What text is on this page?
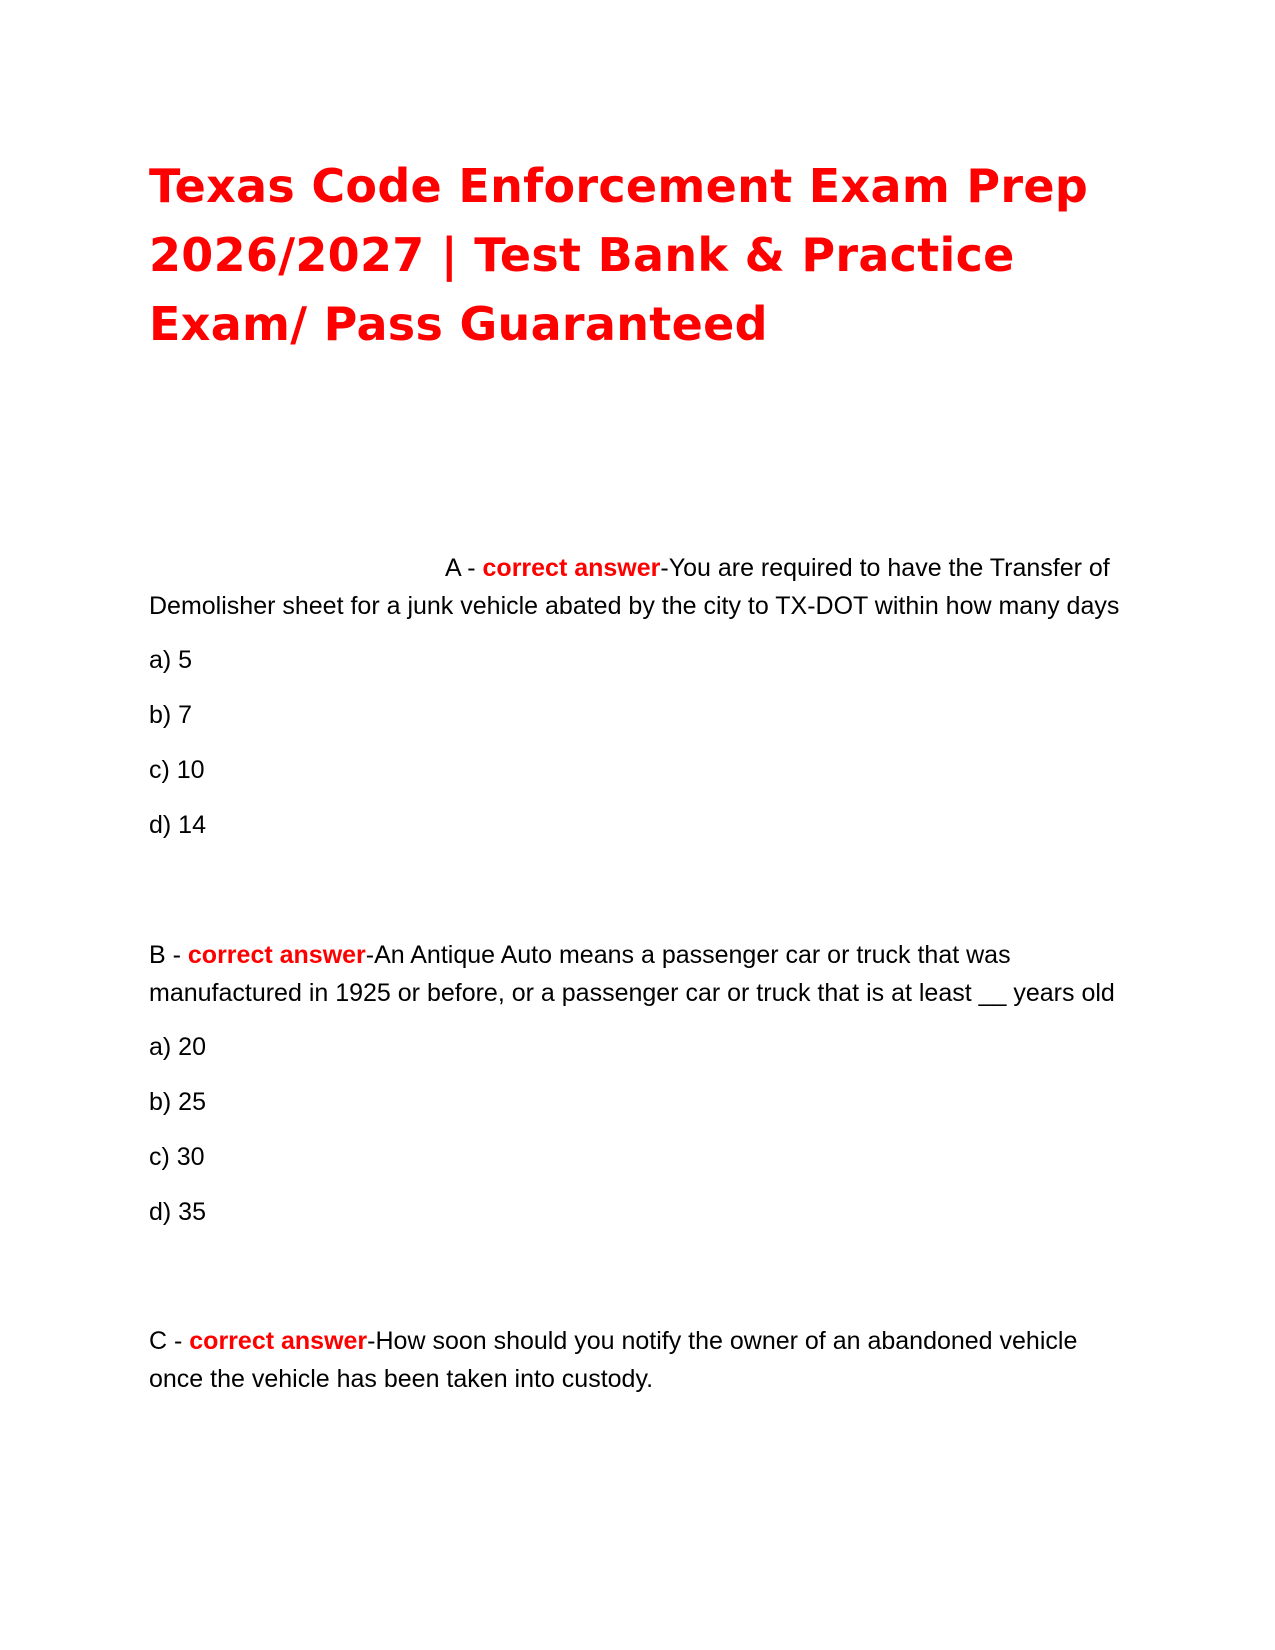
Texas Code Enforcement Exam Prep 2026/2027 | Test Bank & Practice Exam/ Pass Guaranteed

A - correct answer-You are required to have the Transfer of Demolisher sheet for a junk vehicle abated by the city to TX-DOT within how many days

a) 5

b) 7

c) 10

d) 14

B - correct answer-An Antique Auto means a passenger car or truck that was manufactured in 1925 or before, or a passenger car or truck that is at least __ years old

a) 20

b) 25

c) 30

d) 35

C - correct answer-How soon should you notify the owner of an abandoned vehicle once the vehicle has been taken into custody.
